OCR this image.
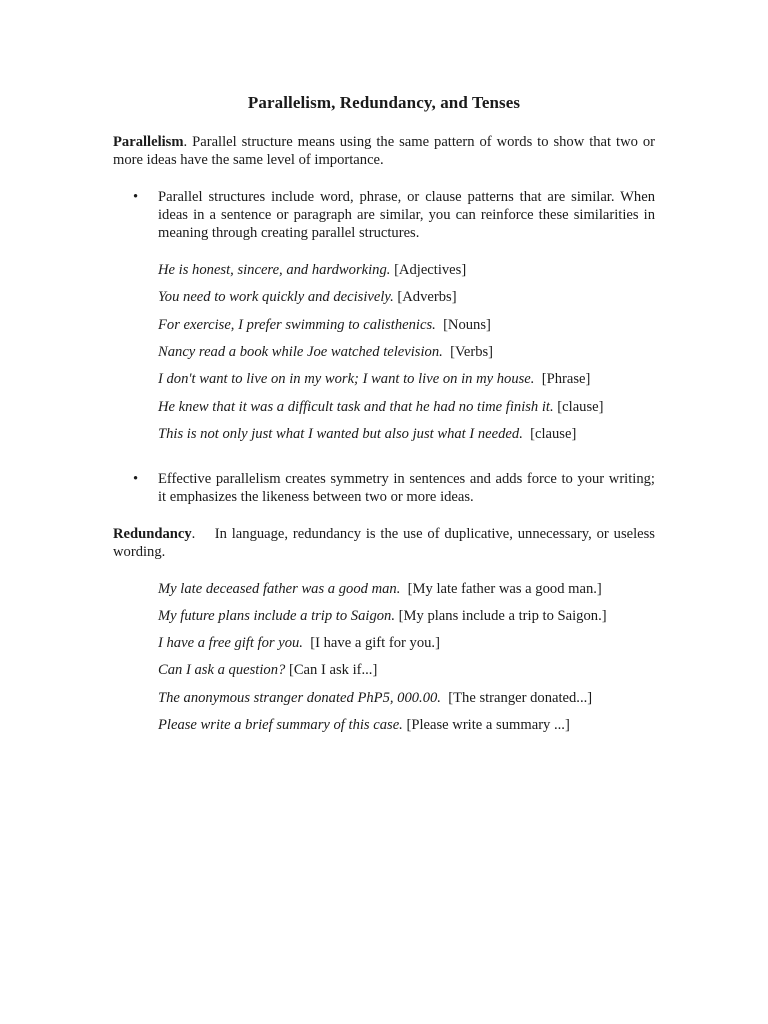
Parallelism, Redundancy, and Tenses
Parallelism. Parallel structure means using the same pattern of words to show that two or more ideas have the same level of importance.
•	Parallel structures include word, phrase, or clause patterns that are similar. When ideas in a sentence or paragraph are similar, you can reinforce these similarities in meaning through creating parallel structures.
He is honest, sincere, and hardworking. [Adjectives]
You need to work quickly and decisively. [Adverbs]
For exercise, I prefer swimming to calisthenics. [Nouns]
Nancy read a book while Joe watched television. [Verbs]
I don't want to live on in my work; I want to live on in my house. [Phrase]
He knew that it was a difficult task and that he had no time finish it. [clause]
This is not only just what I wanted but also just what I needed. [clause]
•	Effective parallelism creates symmetry in sentences and adds force to your writing; it emphasizes the likeness between two or more ideas.
Redundancy.    In language, redundancy is the use of duplicative, unnecessary, or useless wording.
My late deceased father was a good man. [My late father was a good man.]
My future plans include a trip to Saigon. [My plans include a trip to Saigon.]
I have a free gift for you. [I have a gift for you.]
Can I ask a question? [Can I ask if...]
The anonymous stranger donated PhP5, 000.00. [The stranger donated...]
Please write a brief summary of this case. [Please write a summary ...]
